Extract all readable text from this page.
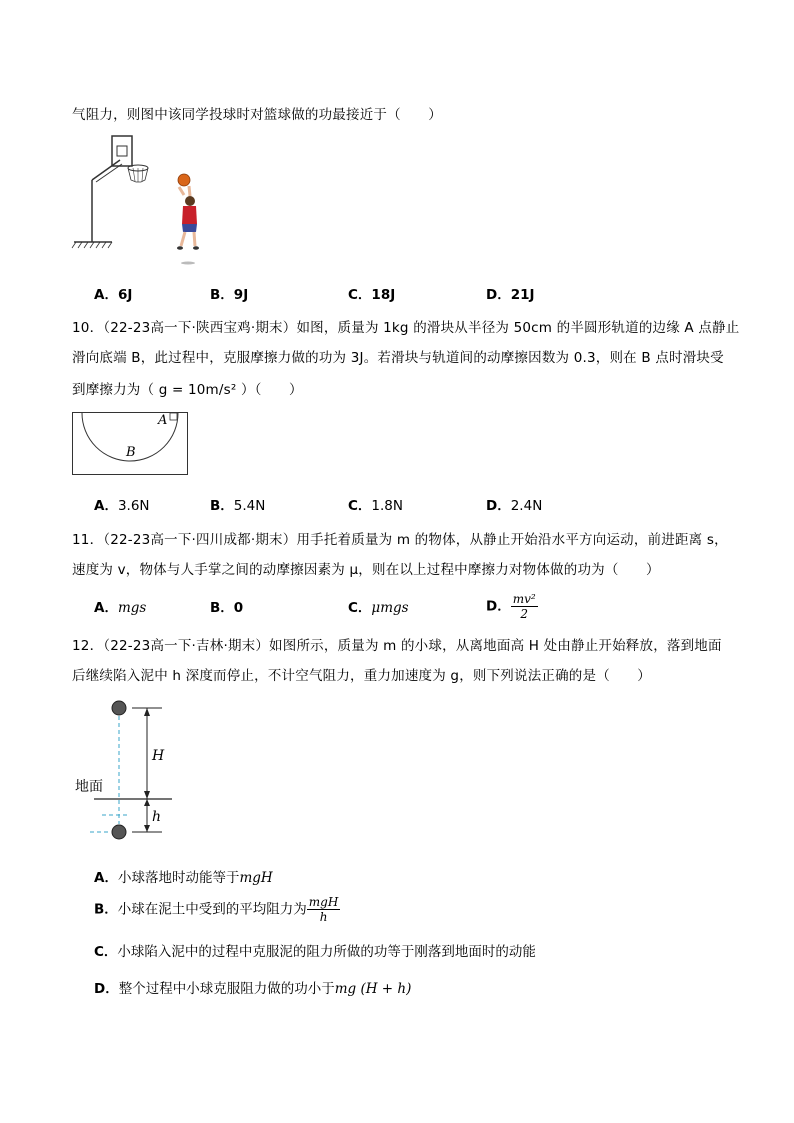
气阻力，则图中该同学投球时对篮球做的功最接近于（　　）
A．6J	B．9J	C．18J	D．21J
10．（22-23高一下·陕西宝鸡·期末）如图，质量为 1kg 的滑块从半径为 50cm 的半圆形轨道的边缘 A 点静止
滑向底端 B，此过程中，克服摩擦力做的功为 3J。若滑块与轨道间的动摩擦因数为 0.3，则在 B 点时滑块受
到摩擦力为（ g = 10m/s² ）（　　）
A
B
A．3.6N	B．5.4N	C．1.8N	D．2.4N
11．（22-23高一下·四川成都·期末）用手托着质量为 m 的物体，从静止开始沿水平方向运动，前进距离 s，
速度为 v，物体与人手掌之间的动摩擦因素为 μ，则在以上过程中摩擦力对物体做的功为（　　）
A．mgs	B．0	C．μmgs	D． $\frac{\text{mv²}}{2}$
12．（22-23高一下·吉林·期末）如图所示，质量为 m 的小球，从离地面高 H 处由静止开始释放，落到地面
后继续陷入泥中 h 深度而停止，不计空气阻力，重力加速度为 g，则下列说法正确的是（　　）
H
h
地面
A．小球落地时动能等于mgH
B．小球在泥土中受到的平均阻力为 $\frac{\text{mgH}}{h}$
C．小球陷入泥中的过程中克服泥的阻力所做的功等于刚落到地面时的动能
D．整个过程中小球克服阻力做的功小于mg (H + h)
